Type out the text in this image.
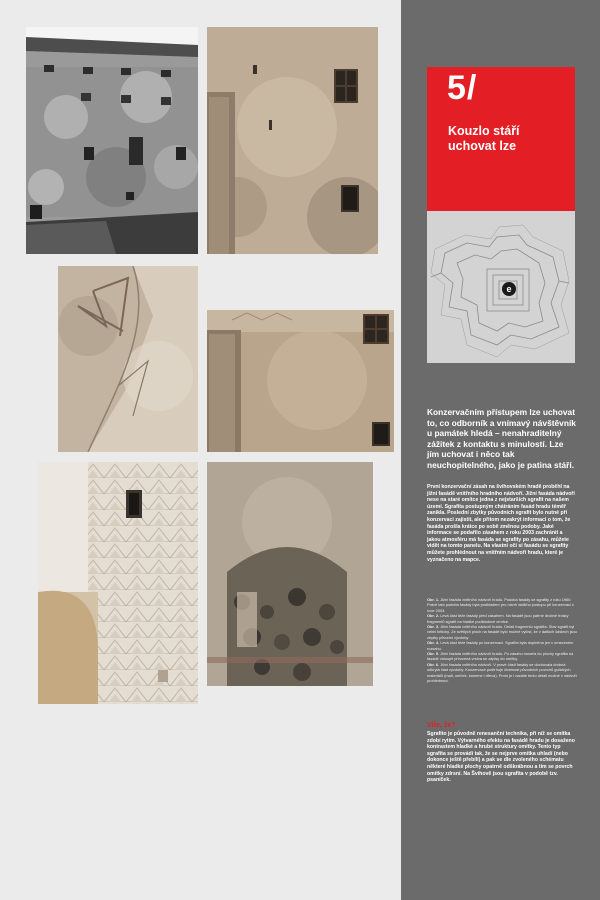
5/
Kouzlo stáří
uchovat lze
e
Konzervačním přístupem lze uchovat to, co odborník a vnímavý návštěvník u památek hledá – nenahraditelný zážitek z kontaktu s minulostí. Lze jím uchovat i něco tak neuchopitelného, jako je patina stáří.
První konzervační zásah na švihovském hradě proběhl na jižní fasádě vnitřního hradního nádvoří. Jižní fasáda nádvoří nese na staré omítce jedna z nejstarších sgrafit na našem území. Sgrafita postupným chátráním fasád hradu téměř zanikla. Poslední zbytky původních sgrafit bylo nutné při konzervaci zajistit, ale přitom nezakrýt informaci o tom, že fasáda prošla krátce po sobě změnou podoby. Jaké informace se podařilo zásahem z roku 2003 zachránit a jakou atmosféru má fasáda se sgrafity po zásahu, můžete vidět na tomto panelu. Na vlastní oči si fasádu se sgrafity můžete prohlédnout na vnitřním nádvoří hradu, které je vyznačeno na mapce.

Obr. 1. Jižní fasáda vnitřního nádvoří hradu. Podoba fasády se sgrafity z roku 1960. Právě tato podoba fasády byla podkladem pro návrh dalšího postupu při konzervaci v roce 2003.

Obr. 2. Levá část téže fasády před zásahem. Na fasádě jsou patrné drobné trosky fragmentů sgrafit na hladké podkladové omítce.

Obr. 3. Jižní fasáda vnitřního nádvoří hradu. Detail fragmentu sgrafita. Stav sgrafit byl velmi kritický. Ze světlých ploch na fasádě bylo možné vyčíst, že v dalších částech jsou zbytky původní výzdoby.

Obr. 4. Levá část téže fasády po konzervaci. Sgrafita byla doplněna jen v omezeném rozsahu.

Obr. 5. Jižní fasáda vnitřního nádvoří hradu. Po zásahu musela do plochy sgrafita na fasádě vstoupit přirozená vrstva se zápisy do omítky.

Obr. 6. Jižní fasáda vnitřního nádvoří. V pravé části fasády se dochovala drobná odkrytá část výzdoby. Konzervace podtrhuje živelnost původních povrchů gotických materiálů (malt, omítek, kamene i dřeva). Proto je i nadále tento detail možné v nádvoří prohlédnout.

Víte, že?
Sgrafito je původně renesanční technika, při níž se omítka zdobí rytím. Výtvarného efektu na fasádě hradu je dosaženo kontrastem hladké a hrubé struktury omítky. Tento typ sgrafita se provádí tak, že se nejprve omítka uhladí (nebo dokonce ještě přebílí) a pak se dle zvoleného schématu některé hladké plochy opatrně odškrábnou a tím se povrch omítky zdrsní. Na Švihově jsou sgrafita v podobě tzv. psaníček.
